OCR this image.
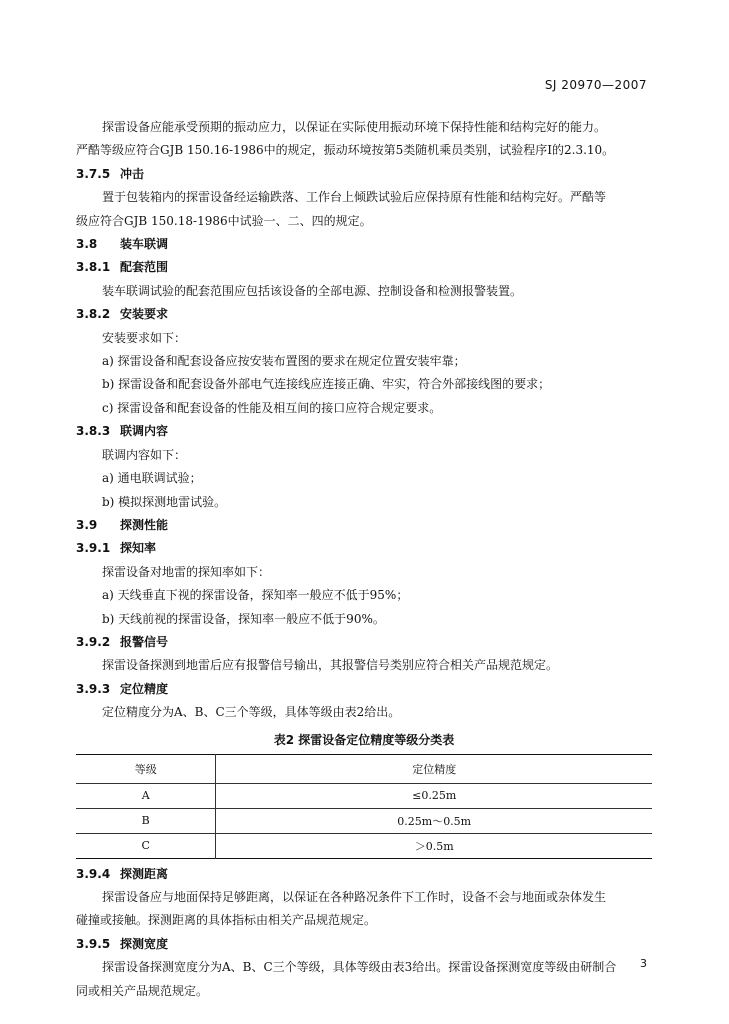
SJ 20970—2007
探雷设备应能承受预期的振动应力，以保证在实际使用振动环境下保持性能和结构完好的能力。
严酷等级应符合GJB 150.16-1986中的规定，振动环境按第5类随机乘员类别，试验程序Ⅰ的2.3.10。
3.7.5 冲击
置于包装箱内的探雷设备经运输跌落、工作台上倾跌试验后应保持原有性能和结构完好。严酷等
级应符合GJB 150.18-1986中试验一、二、四的规定。
3.8 装车联调
3.8.1 配套范围
装车联调试验的配套范围应包括该设备的全部电源、控制设备和检测报警装置。
3.8.2 安装要求
安装要求如下：
a) 探雷设备和配套设备应按安装布置图的要求在规定位置安装牢靠；
b) 探雷设备和配套设备外部电气连接线应连接正确、牢实，符合外部接线图的要求；
c) 探雷设备和配套设备的性能及相互间的接口应符合规定要求。
3.8.3 联调内容
联调内容如下：
a) 通电联调试验；
b) 模拟探测地雷试验。
3.9 探测性能
3.9.1 探知率
探雷设备对地雷的探知率如下：
a) 天线垂直下视的探雷设备，探知率一般应不低于95%；
b) 天线前视的探雷设备，探知率一般应不低于90%。
3.9.2 报警信号
探雷设备探测到地雷后应有报警信号输出，其报警信号类别应符合相关产品规范规定。
3.9.3 定位精度
定位精度分为A、B、C三个等级，具体等级由表2给出。
表2 探雷设备定位精度等级分类表
等级	定位精度
A	≤0.25m
B	0.25m～0.5m
C	＞0.5m
3.9.4 探测距离
探雷设备应与地面保持足够距离，以保证在各种路况条件下工作时，设备不会与地面或杂体发生
碰撞或接触。探测距离的具体指标由相关产品规范规定。
3.9.5 探测宽度
探雷设备探测宽度分为A、B、C三个等级，具体等级由表3给出。探雷设备探测宽度等级由研制合
同或相关产品规范规定。
3
